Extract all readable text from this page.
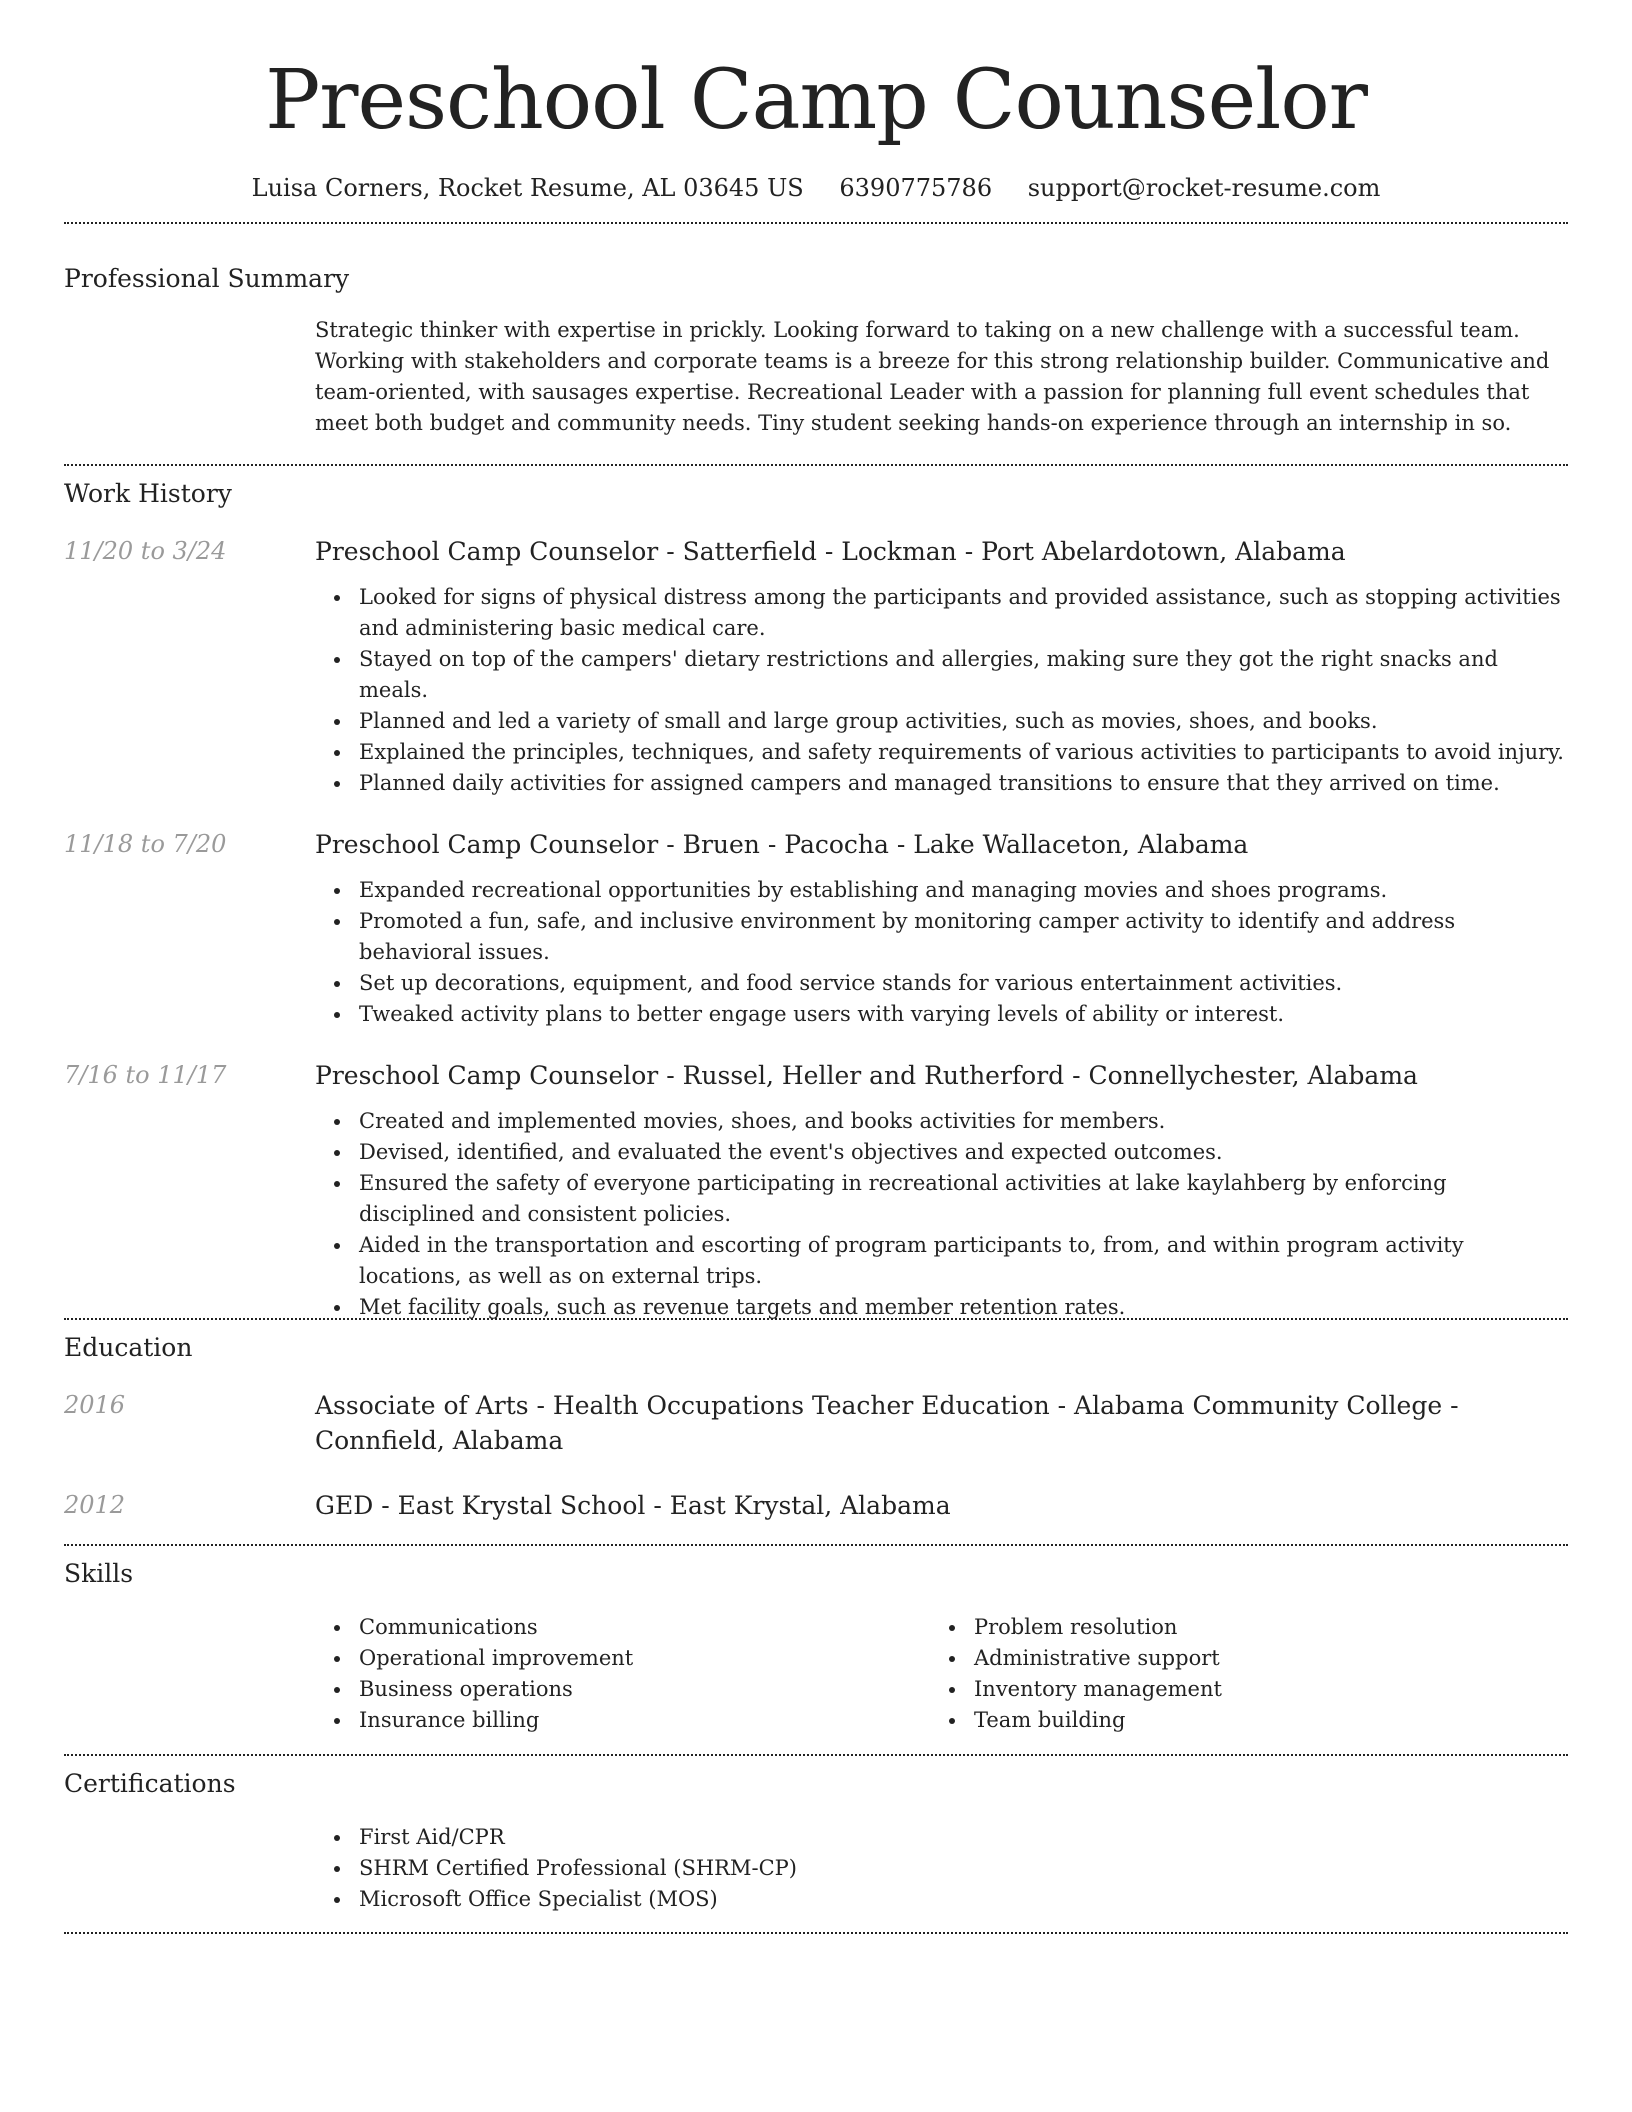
Preschool Camp Counselor
Luisa Corners, Rocket Resume, AL 03645 US 6390775786 support@rocket-resume.com
Professional Summary

Strategic thinker with expertise in prickly. Looking forward to taking on a new challenge with a successful team. Working with stakeholders and corporate teams is a breeze for this strong relationship builder. Communicative and team-oriented, with sausages expertise. Recreational Leader with a passion for planning full event schedules that meet both budget and community needs. Tiny student seeking hands-on experience through an internship in so.

Work History
11/20 to 3/24	Preschool Camp Counselor - Satterfield - Lockman - Port Abelardotown, Alabama
Looked for signs of physical distress among the participants and provided assistance, such as stopping activities and administering basic medical care.
Stayed on top of the campers' dietary restrictions and allergies, making sure they got the right snacks and meals.
Planned and led a variety of small and large group activities, such as movies, shoes, and books.
Explained the principles, techniques, and safety requirements of various activities to participants to avoid injury.
Planned daily activities for assigned campers and managed transitions to ensure that they arrived on time.
11/18 to 7/20	Preschool Camp Counselor - Bruen - Pacocha - Lake Wallaceton, Alabama
Expanded recreational opportunities by establishing and managing movies and shoes programs.
Promoted a fun, safe, and inclusive environment by monitoring camper activity to identify and address behavioral issues.
Set up decorations, equipment, and food service stands for various entertainment activities.
Tweaked activity plans to better engage users with varying levels of ability or interest.
7/16 to 11/17	Preschool Camp Counselor - Russel, Heller and Rutherford - Connellychester, Alabama
Created and implemented movies, shoes, and books activities for members.
Devised, identified, and evaluated the event's objectives and expected outcomes.
Ensured the safety of everyone participating in recreational activities at lake kaylahberg by enforcing disciplined and consistent policies.
Aided in the transportation and escorting of program participants to, from, and within program activity locations, as well as on external trips.
Met facility goals, such as revenue targets and member retention rates.
Education
2016	Associate of Arts - Health Occupations Teacher Education - Alabama Community College - Connfield, Alabama
2012	GED - East Krystal School - East Krystal, Alabama
Skills
Communications
Operational improvement
Business operations
Insurance billing
Problem resolution
Administrative support
Inventory management
Team building
Certifications
First Aid/CPR
SHRM Certified Professional (SHRM-CP)
Microsoft Office Specialist (MOS)
